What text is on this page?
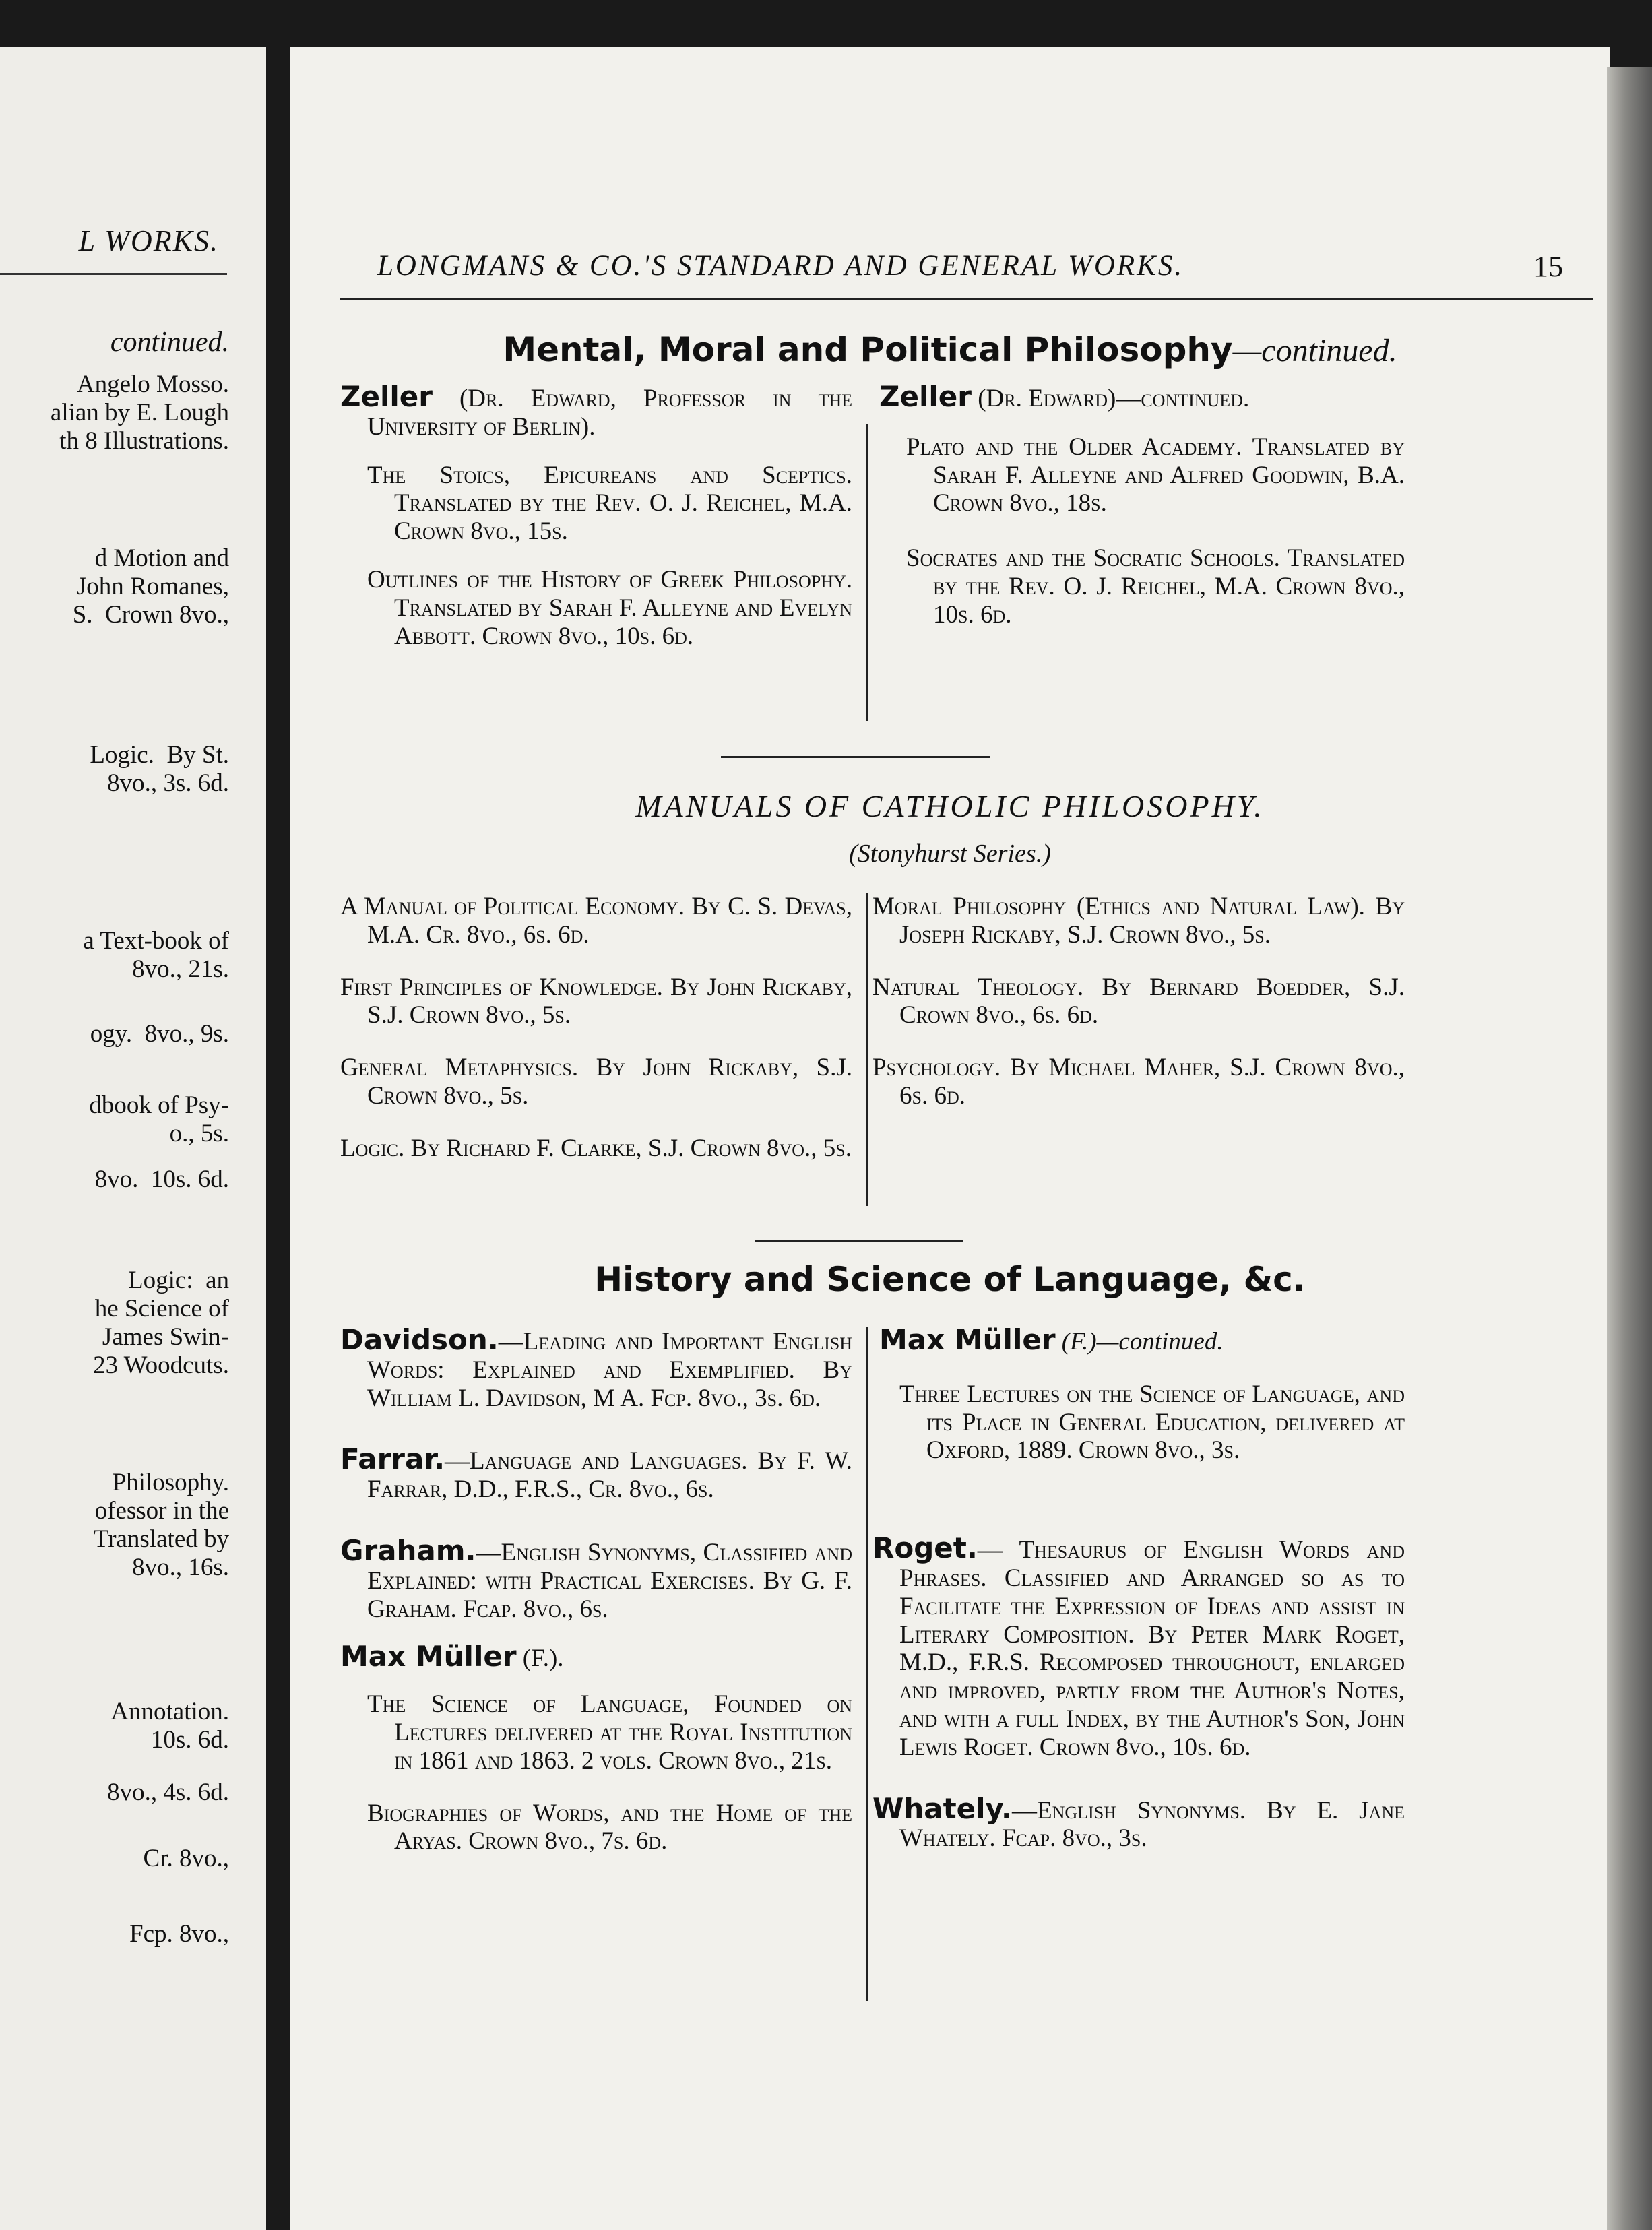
L WORKS.
continued.
Angelo Mosso.
alian by E. Lough
th 8 Illustrations.
d Motion and
John Romanes,
S.  Crown 8vo.,
Logic.  By St.
8vo., 3s. 6d.
a Text-book of
8vo., 21s.
ogy.  8vo., 9s.
dbook of Psy-
o., 5s.
8vo.  10s. 6d.
Logic:  an
he Science of
James Swin-
23 Woodcuts.
Philosophy.
ofessor in the
Translated by
8vo., 16s.
Annotation.
10s. 6d.
8vo., 4s. 6d.
Cr. 8vo.,
Fcp. 8vo.,
LONGMANS & CO.'S STANDARD AND GENERAL WORKS.	15
Mental, Moral and Political Philosophy—continued.
Zeller (Dr. Edward, Professor in the University of Berlin).
The Stoics, Epicureans and Sceptics. Translated by the Rev. O. J. Reichel, M.A. Crown 8vo., 15s.
Outlines of the History of Greek Philosophy. Translated by Sarah F. Alleyne and Evelyn Abbott. Crown 8vo., 10s. 6d.
Zeller (Dr. Edward)—continued.
Plato and the Older Academy. Translated by Sarah F. Alleyne and Alfred Goodwin, B.A. Crown 8vo., 18s.
Socrates and the Socratic Schools. Translated by the Rev. O. J. Reichel, M.A. Crown 8vo., 10s. 6d.
MANUALS OF CATHOLIC PHILOSOPHY.
(Stonyhurst Series.)
A Manual of Political Economy. By C. S. Devas, M.A. Cr. 8vo., 6s. 6d.
First Principles of Knowledge. By John Rickaby, S.J. Crown 8vo., 5s.
General Metaphysics. By John Rickaby, S.J. Crown 8vo., 5s.
Logic. By Richard F. Clarke, S.J. Crown 8vo., 5s.
Moral Philosophy (Ethics and Natural Law). By Joseph Rickaby, S.J. Crown 8vo., 5s.
Natural Theology. By Bernard Boedder, S.J. Crown 8vo., 6s. 6d.
Psychology. By Michael Maher, S.J. Crown 8vo., 6s. 6d.
History and Science of Language, &c.
Davidson.—Leading and Important English Words: Explained and Exemplified. By William L. Davidson, M A. Fcp. 8vo., 3s. 6d.
Farrar.—Language and Languages. By F. W. Farrar, D.D., F.R.S., Cr. 8vo., 6s.
Graham.—English Synonyms, Classified and Explained: with Practical Exercises. By G. F. Graham. Fcap. 8vo., 6s.
Max Müller (F.).
The Science of Language, Founded on Lectures delivered at the Royal Institution in 1861 and 1863. 2 vols. Crown 8vo., 21s.
Biographies of Words, and the Home of the Aryas. Crown 8vo., 7s. 6d.
Max Müller (F.)—continued.
Three Lectures on the Science of Language, and its Place in General Education, delivered at Oxford, 1889. Crown 8vo., 3s.
Roget.— Thesaurus of English Words and Phrases. Classified and Arranged so as to Facilitate the Expression of Ideas and assist in Literary Composition. By Peter Mark Roget, M.D., F.R.S. Recomposed throughout, enlarged and improved, partly from the Author's Notes, and with a full Index, by the Author's Son, John Lewis Roget. Crown 8vo., 10s. 6d.
Whately.—English Synonyms. By E. Jane Whately. Fcap. 8vo., 3s.
